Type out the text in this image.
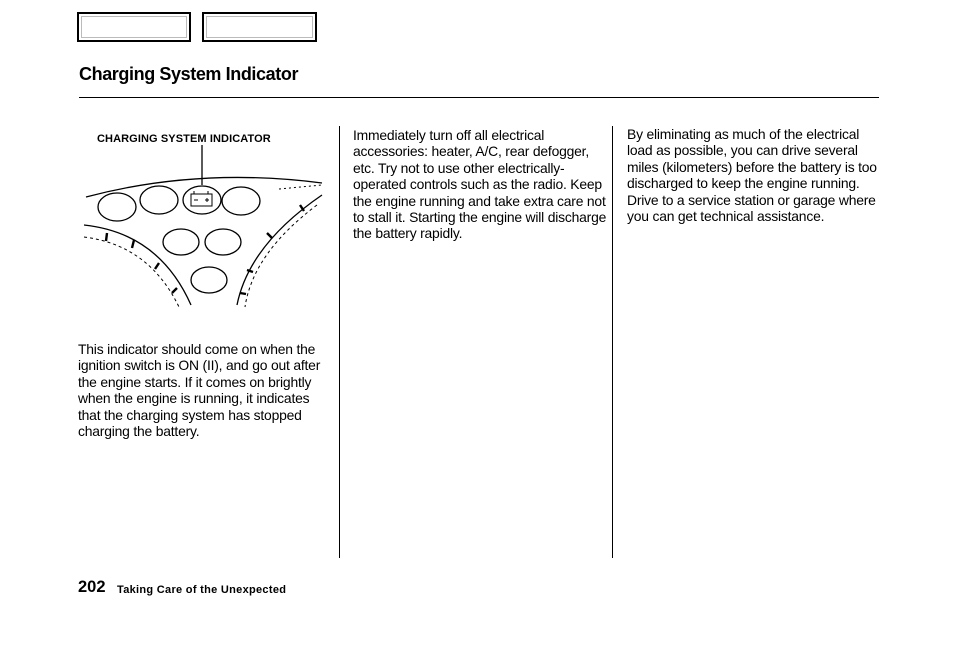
Charging System Indicator
CHARGING SYSTEM INDICATOR

This indicator should come on when the ignition switch is ON (II), and go out after the engine starts. If it comes on brightly when the engine is running, it indicates that the charging system has stopped charging the battery.

Immediately turn off all electrical accessories: heater, A/C, rear defogger, etc. Try not to use other electrically-operated controls such as the radio. Keep the engine running and take extra care not to stall it. Starting the engine will discharge the battery rapidly.

By eliminating as much of the electrical load as possible, you can drive several miles (kilometers) before the battery is too discharged to keep the engine running. Drive to a service station or garage where you can get technical assistance.

202 Taking Care of the Unexpected
